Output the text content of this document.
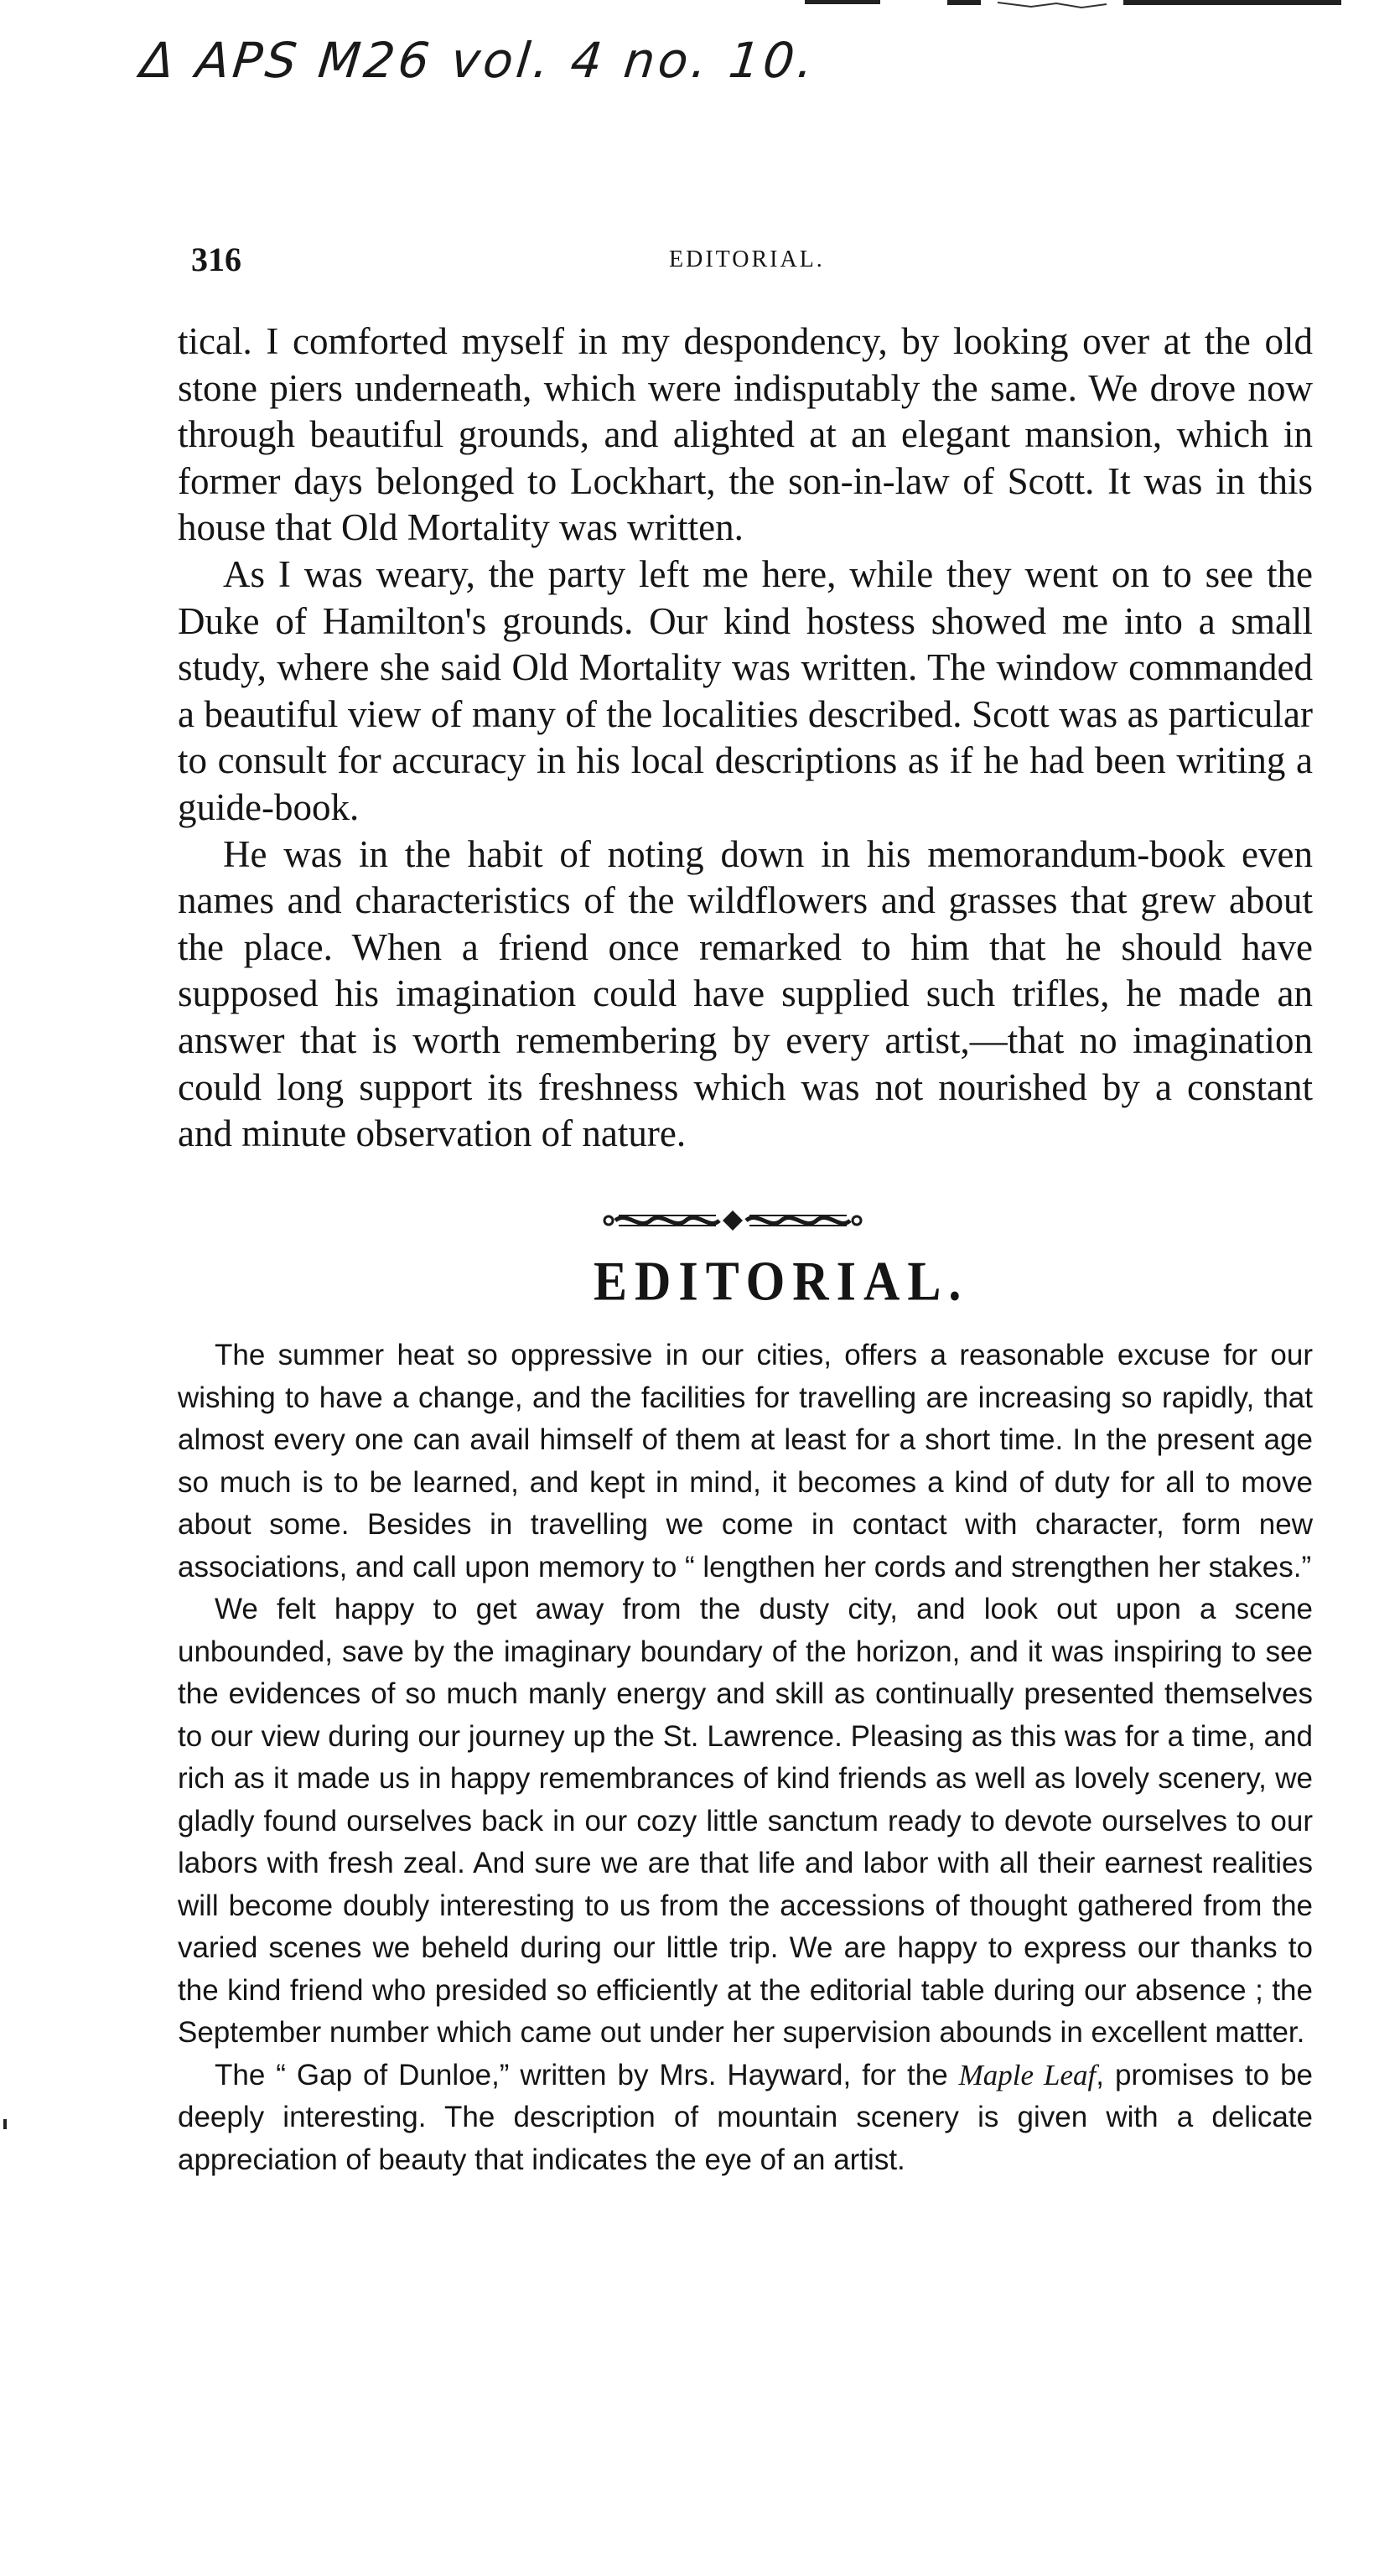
Δ APS M26 vol. 4 no. 10.
316	EDITORIAL.

tical. I comforted myself in my despondency, by looking over at the old stone piers underneath, which were indisputably the same. We drove now through beautiful grounds, and alighted at an elegant mansion, which in former days belonged to Lockhart, the son-in-law of Scott. It was in this house that Old Mortality was written.

As I was weary, the party left me here, while they went on to see the Duke of Hamilton's grounds. Our kind hostess showed me into a small study, where she said Old Mortality was written. The window commanded a beautiful view of many of the localities described. Scott was as particular to consult for accuracy in his local descriptions as if he had been writing a guide-book.

He was in the habit of noting down in his memorandum-book even names and characteristics of the wildflowers and grasses that grew about the place. When a friend once remarked to him that he should have supposed his imagination could have supplied such trifles, he made an answer that is worth remembering by every artist,—that no imagination could long support its freshness which was not nourished by a constant and minute observation of nature.

EDITORIAL.

The summer heat so oppressive in our cities, offers a reasonable excuse for our wishing to have a change, and the facilities for travelling are increasing so rapidly, that almost every one can avail himself of them at least for a short time. In the present age so much is to be learned, and kept in mind, it becomes a kind of duty for all to move about some. Besides in travelling we come in contact with character, form new associations, and call upon memory to “ lengthen her cords and strengthen her stakes.”

We felt happy to get away from the dusty city, and look out upon a scene unbounded, save by the imaginary boundary of the horizon, and it was inspiring to see the evidences of so much manly energy and skill as continually presented themselves to our view during our journey up the St. Lawrence. Pleasing as this was for a time, and rich as it made us in happy remembrances of kind friends as well as lovely scenery, we gladly found ourselves back in our cozy little sanctum ready to devote ourselves to our labors with fresh zeal. And sure we are that life and labor with all their earnest realities will become doubly interesting to us from the accessions of thought gathered from the varied scenes we beheld during our little trip. We are happy to express our thanks to the kind friend who presided so efficiently at the editorial table during our absence ; the September number which came out under her supervision abounds in excellent matter.

The “ Gap of Dunloe,” written by Mrs. Hayward, for the Maple Leaf, promises to be deeply interesting. The description of mountain scenery is given with a delicate appreciation of beauty that indicates the eye of an artist.
